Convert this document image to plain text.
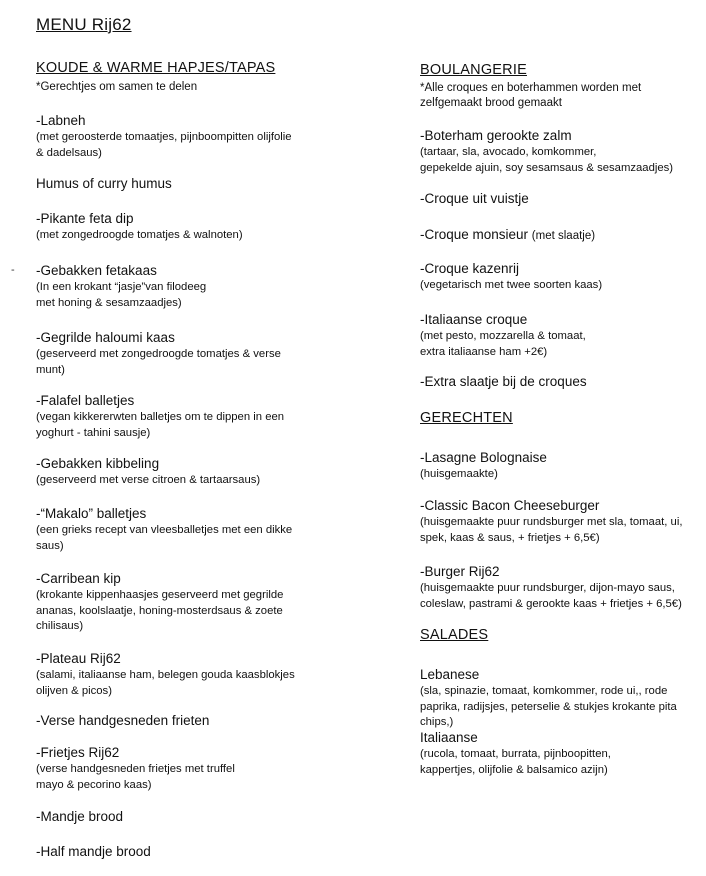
MENU Rij62
-
KOUDE & WARME HAPJES/TAPAS
*Gerechtjes om samen te delen
-Labneh
(met geroosterde tomaatjes, pijnboompitten olijfolie
& dadelsaus)
Humus of curry humus
-Pikante feta dip
(met zongedroogde tomatjes & walnoten)
-Gebakken fetakaas
(In een krokant “jasje”van filodeeg
met honing & sesamzaadjes)
-Gegrilde haloumi kaas
(geserveerd met zongedroogde tomatjes & verse
munt)
-Falafel balletjes
(vegan kikkererwten balletjes om te dippen in een
yoghurt - tahini sausje)
-Gebakken kibbeling
(geserveerd met verse citroen & tartaarsaus)
-“Makalo” balletjes
(een grieks recept van vleesballetjes met een dikke
saus)
-Carribean kip
(krokante kippenhaasjes geserveerd met gegrilde
ananas, koolslaatje, honing-mosterdsaus & zoete
chilisaus)
-Plateau Rij62
(salami, italiaanse ham, belegen gouda kaasblokjes
olijven & picos)
-Verse handgesneden frieten
-Frietjes Rij62
(verse handgesneden frietjes met truffel
mayo & pecorino kaas)
-Mandje brood
-Half mandje brood
BOULANGERIE
*Alle croques en boterhammen worden met
zelfgemaakt brood gemaakt
-Boterham gerookte zalm
(tartaar, sla, avocado, komkommer,
gepekelde ajuin, soy sesamsaus & sesamzaadjes)
-Croque uit vuistje
-Croque monsieur (met slaatje)
-Croque kazenrij
(vegetarisch met twee soorten kaas)
-Italiaanse croque
(met pesto, mozzarella & tomaat,
extra italiaanse ham +2€)
-Extra slaatje bij de croques
GERECHTEN
-Lasagne Bolognaise
(huisgemaakte)
-Classic Bacon Cheeseburger
(huisgemaakte puur rundsburger met sla, tomaat, ui,
spek, kaas & saus, + frietjes + 6,5€)
-Burger Rij62
(huisgemaakte puur rundsburger, dijon-mayo saus,
coleslaw, pastrami & gerookte kaas + frietjes + 6,5€)
SALADES
Lebanese
(sla, spinazie, tomaat, komkommer, rode ui,, rode
paprika, radijsjes, peterselie & stukjes krokante pita
chips,)
Italiaanse
(rucola, tomaat, burrata, pijnboopitten,
kappertjes, olijfolie & balsamico azijn)
